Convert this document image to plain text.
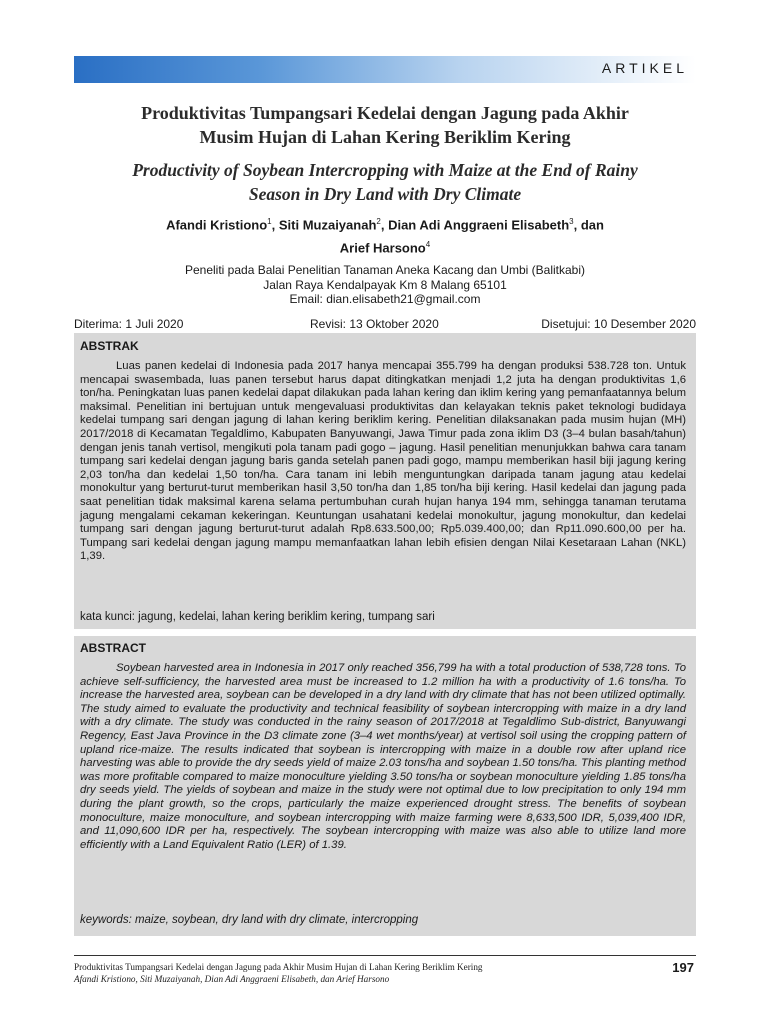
ARTIKEL
Produktivitas Tumpangsari Kedelai dengan Jagung pada Akhir
Musim Hujan di Lahan Kering Beriklim Kering
Productivity of Soybean Intercropping with Maize at the End of Rainy
Season in Dry Land with Dry Climate
Afandi Kristiono$^1$, Siti Muzaiyanah$^2$, Dian Adi Anggraeni Elisabeth$^3$, dan
Arief Harsono$^4$
Peneliti pada Balai Penelitian Tanaman Aneka Kacang dan Umbi (Balitkabi)
Jalan Raya Kendalpayak Km 8 Malang 65101
Email: dian.elisabeth21@gmail.com
Diterima: 1 Juli 2020	Revisi: 13 Oktober 2020	Disetujui: 10 Desember 2020
ABSTRAK
Luas panen kedelai di Indonesia pada 2017 hanya mencapai 355.799 ha dengan produksi 538.728 ton. Untuk mencapai swasembada, luas panen tersebut harus dapat ditingkatkan menjadi 1,2 juta ha dengan produktivitas 1,6 ton/ha. Peningkatan luas panen kedelai dapat dilakukan pada lahan kering dan iklim kering yang pemanfaatannya belum maksimal. Penelitian ini bertujuan untuk mengevaluasi produktivitas dan kelayakan teknis paket teknologi budidaya kedelai tumpang sari dengan jagung di lahan kering beriklim kering. Penelitian dilaksanakan pada musim hujan (MH) 2017/2018 di Kecamatan Tegaldlimo, Kabupaten Banyuwangi, Jawa Timur pada zona iklim D3 (3–4 bulan basah/tahun) dengan jenis tanah vertisol, mengikuti pola tanam padi gogo – jagung. Hasil penelitian menunjukkan bahwa cara tanam tumpang sari kedelai dengan jagung baris ganda setelah panen padi gogo, mampu memberikan hasil biji jagung kering 2,03 ton/ha dan kedelai 1,50 ton/ha. Cara tanam ini lebih menguntungkan daripada tanam jagung atau kedelai monokultur yang berturut-turut memberikan hasil 3,50 ton/ha dan 1,85 ton/ha biji kering. Hasil kedelai dan jagung pada saat penelitian tidak maksimal karena selama pertumbuhan curah hujan hanya 194 mm, sehingga tanaman terutama jagung mengalami cekaman kekeringan. Keuntungan usahatani kedelai monokultur, jagung monokultur, dan kedelai tumpang sari dengan jagung berturut-turut adalah Rp8.633.500,00; Rp5.039.400,00; dan Rp11.090.600,00 per ha. Tumpang sari kedelai dengan jagung mampu memanfaatkan lahan lebih efisien dengan Nilai Kesetaraan Lahan (NKL) 1,39.
kata kunci: jagung, kedelai, lahan kering beriklim kering, tumpang sari
ABSTRACT
Soybean harvested area in Indonesia in 2017 only reached 356,799 ha with a total production of 538,728 tons. To achieve self-sufficiency, the harvested area must be increased to 1.2 million ha with a productivity of 1.6 tons/ha. To increase the harvested area, soybean can be developed in a dry land with dry climate that has not been utilized optimally. The study aimed to evaluate the productivity and technical feasibility of soybean intercropping with maize in a dry land with a dry climate. The study was conducted in the rainy season of 2017/2018 at Tegaldlimo Sub-district, Banyuwangi Regency, East Java Province in the D3 climate zone (3–4 wet months/year) at vertisol soil using the cropping pattern of upland rice-maize. The results indicated that soybean is intercropping with maize in a double row after upland rice harvesting was able to provide the dry seeds yield of maize 2.03 tons/ha and soybean 1.50 tons/ha. This planting method was more profitable compared to maize monoculture yielding 3.50 tons/ha or soybean monoculture yielding 1.85 tons/ha dry seeds yield. The yields of soybean and maize in the study were not optimal due to low precipitation to only 194 mm during the plant growth, so the crops, particularly the maize experienced drought stress. The benefits of soybean monoculture, maize monoculture, and soybean intercropping with maize farming were 8,633,500 IDR, 5,039,400 IDR, and 11,090,600 IDR per ha, respectively. The soybean intercropping with maize was also able to utilize land more efficiently with a Land Equivalent Ratio (LER) of 1.39.
keywords: maize, soybean, dry land with dry climate, intercropping
Produktivitas Tumpangsari Kedelai dengan Jagung pada Akhir Musim Hujan di Lahan Kering Beriklim Kering
Afandi Kristiono, Siti Muzaiyanah, Dian Adi Anggraeni Elisabeth, dan Arief Harsono
197
